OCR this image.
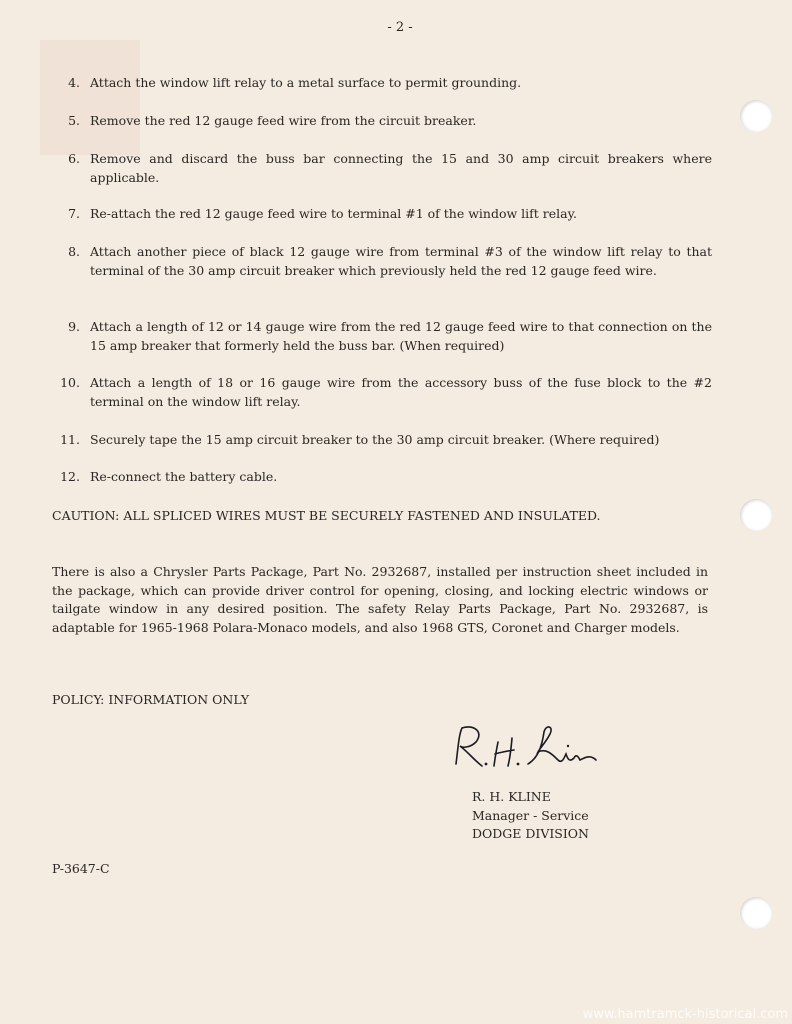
- 2 -
4. Attach the window lift relay to a metal surface to permit grounding.
5. Remove the red 12 gauge feed wire from the circuit breaker.
6. Remove and discard the buss bar connecting the 15 and 30 amp circuit breakers where applicable.
7. Re-attach the red 12 gauge feed wire to terminal #1 of the window lift relay.
8. Attach another piece of black 12 gauge wire from terminal #3 of the window lift relay to that terminal of the 30 amp circuit breaker which previously held the red 12 gauge feed wire.
9. Attach a length of 12 or 14 gauge wire from the red 12 gauge feed wire to that connection on the 15 amp breaker that formerly held the buss bar. (When required)
10. Attach a length of 18 or 16 gauge wire from the accessory buss of the fuse block to the #2 terminal on the window lift relay.
11. Securely tape the 15 amp circuit breaker to the 30 amp circuit breaker. (Where required)
12. Re-connect the battery cable.
CAUTION: ALL SPLICED WIRES MUST BE SECURELY FASTENED AND INSULATED.
There is also a Chrysler Parts Package, Part No. 2932687, installed per instruction sheet included in the package, which can provide driver control for opening, closing, and locking electric windows or tailgate window in any desired position. The safety Relay Parts Package, Part No. 2932687, is adaptable for 1965-1968 Polara-Monaco models, and also 1968 GTS, Coronet and Charger models.
POLICY: INFORMATION ONLY
R. H. KLINE
Manager - Service
DODGE DIVISION
P-3647-C
www.hamtramck-historical.com
